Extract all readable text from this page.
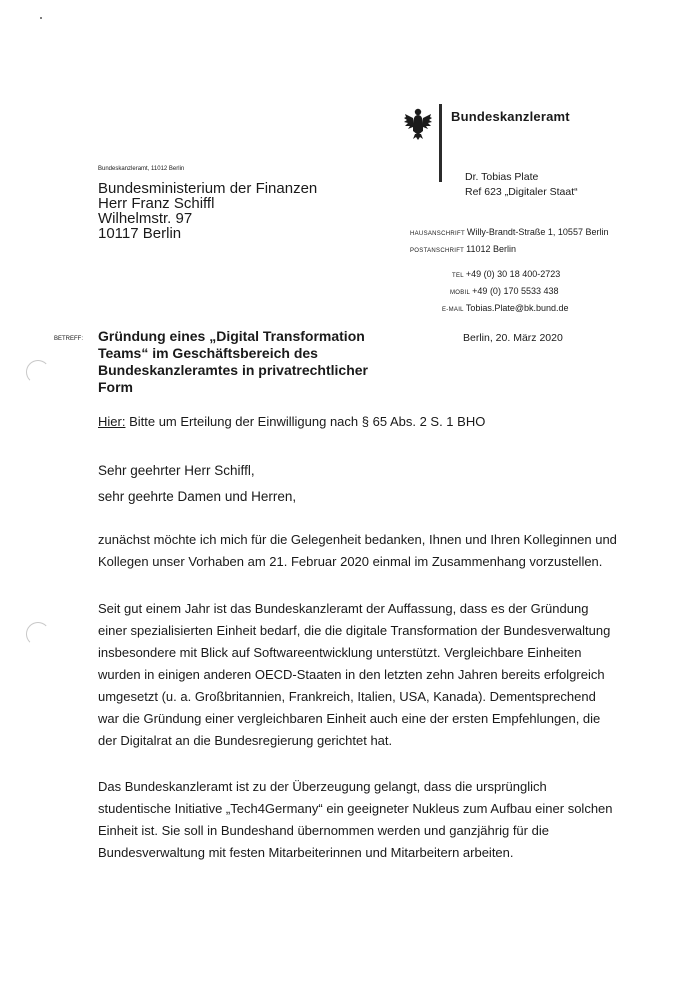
Bundeskanzleramt
Bundeskanzleramt, 11012 Berlin
Bundesministerium der Finanzen
Herr Franz Schiffl
Wilhelmstr. 97
10117 Berlin
Dr. Tobias Plate
Ref 623 „Digitaler Staat“
HAUSANSCHRIFT Willy-Brandt-Straße 1, 10557 Berlin
POSTANSCHRIFT 11012 Berlin
TEL +49 (0) 30 18 400-2723
MOBIL +49 (0) 170 5533 438
E-MAIL Tobias.Plate@bk.bund.de
BETREFF: Gründung eines „Digital Transformation
Teams“ im Geschäftsbereich des
Bundeskanzleramtes in privatrechtlicher
Form
Berlin, 20. März 2020
Hier: Bitte um Erteilung der Einwilligung nach § 65 Abs. 2 S. 1 BHO
Sehr geehrter Herr Schiffl,
sehr geehrte Damen und Herren,
zunächst möchte ich mich für die Gelegenheit bedanken, Ihnen und Ihren Kolleginnen und
Kollegen unser Vorhaben am 21. Februar 2020 einmal im Zusammenhang vorzustellen.
Seit gut einem Jahr ist das Bundeskanzleramt der Auffassung, dass es der Gründung
einer spezialisierten Einheit bedarf, die die digitale Transformation der Bundesverwaltung
insbesondere mit Blick auf Softwareentwicklung unterstützt. Vergleichbare Einheiten
wurden in einigen anderen OECD-Staaten in den letzten zehn Jahren bereits erfolgreich
umgesetzt (u. a. Großbritannien, Frankreich, Italien, USA, Kanada). Dementsprechend
war die Gründung einer vergleichbaren Einheit auch eine der ersten Empfehlungen, die
der Digitalrat an die Bundesregierung gerichtet hat.
Das Bundeskanzleramt ist zu der Überzeugung gelangt, dass die ursprünglich
studentische Initiative „Tech4Germany“ ein geeigneter Nukleus zum Aufbau einer solchen
Einheit ist. Sie soll in Bundeshand übernommen werden und ganzjährig für die
Bundesverwaltung mit festen Mitarbeiterinnen und Mitarbeitern arbeiten.
